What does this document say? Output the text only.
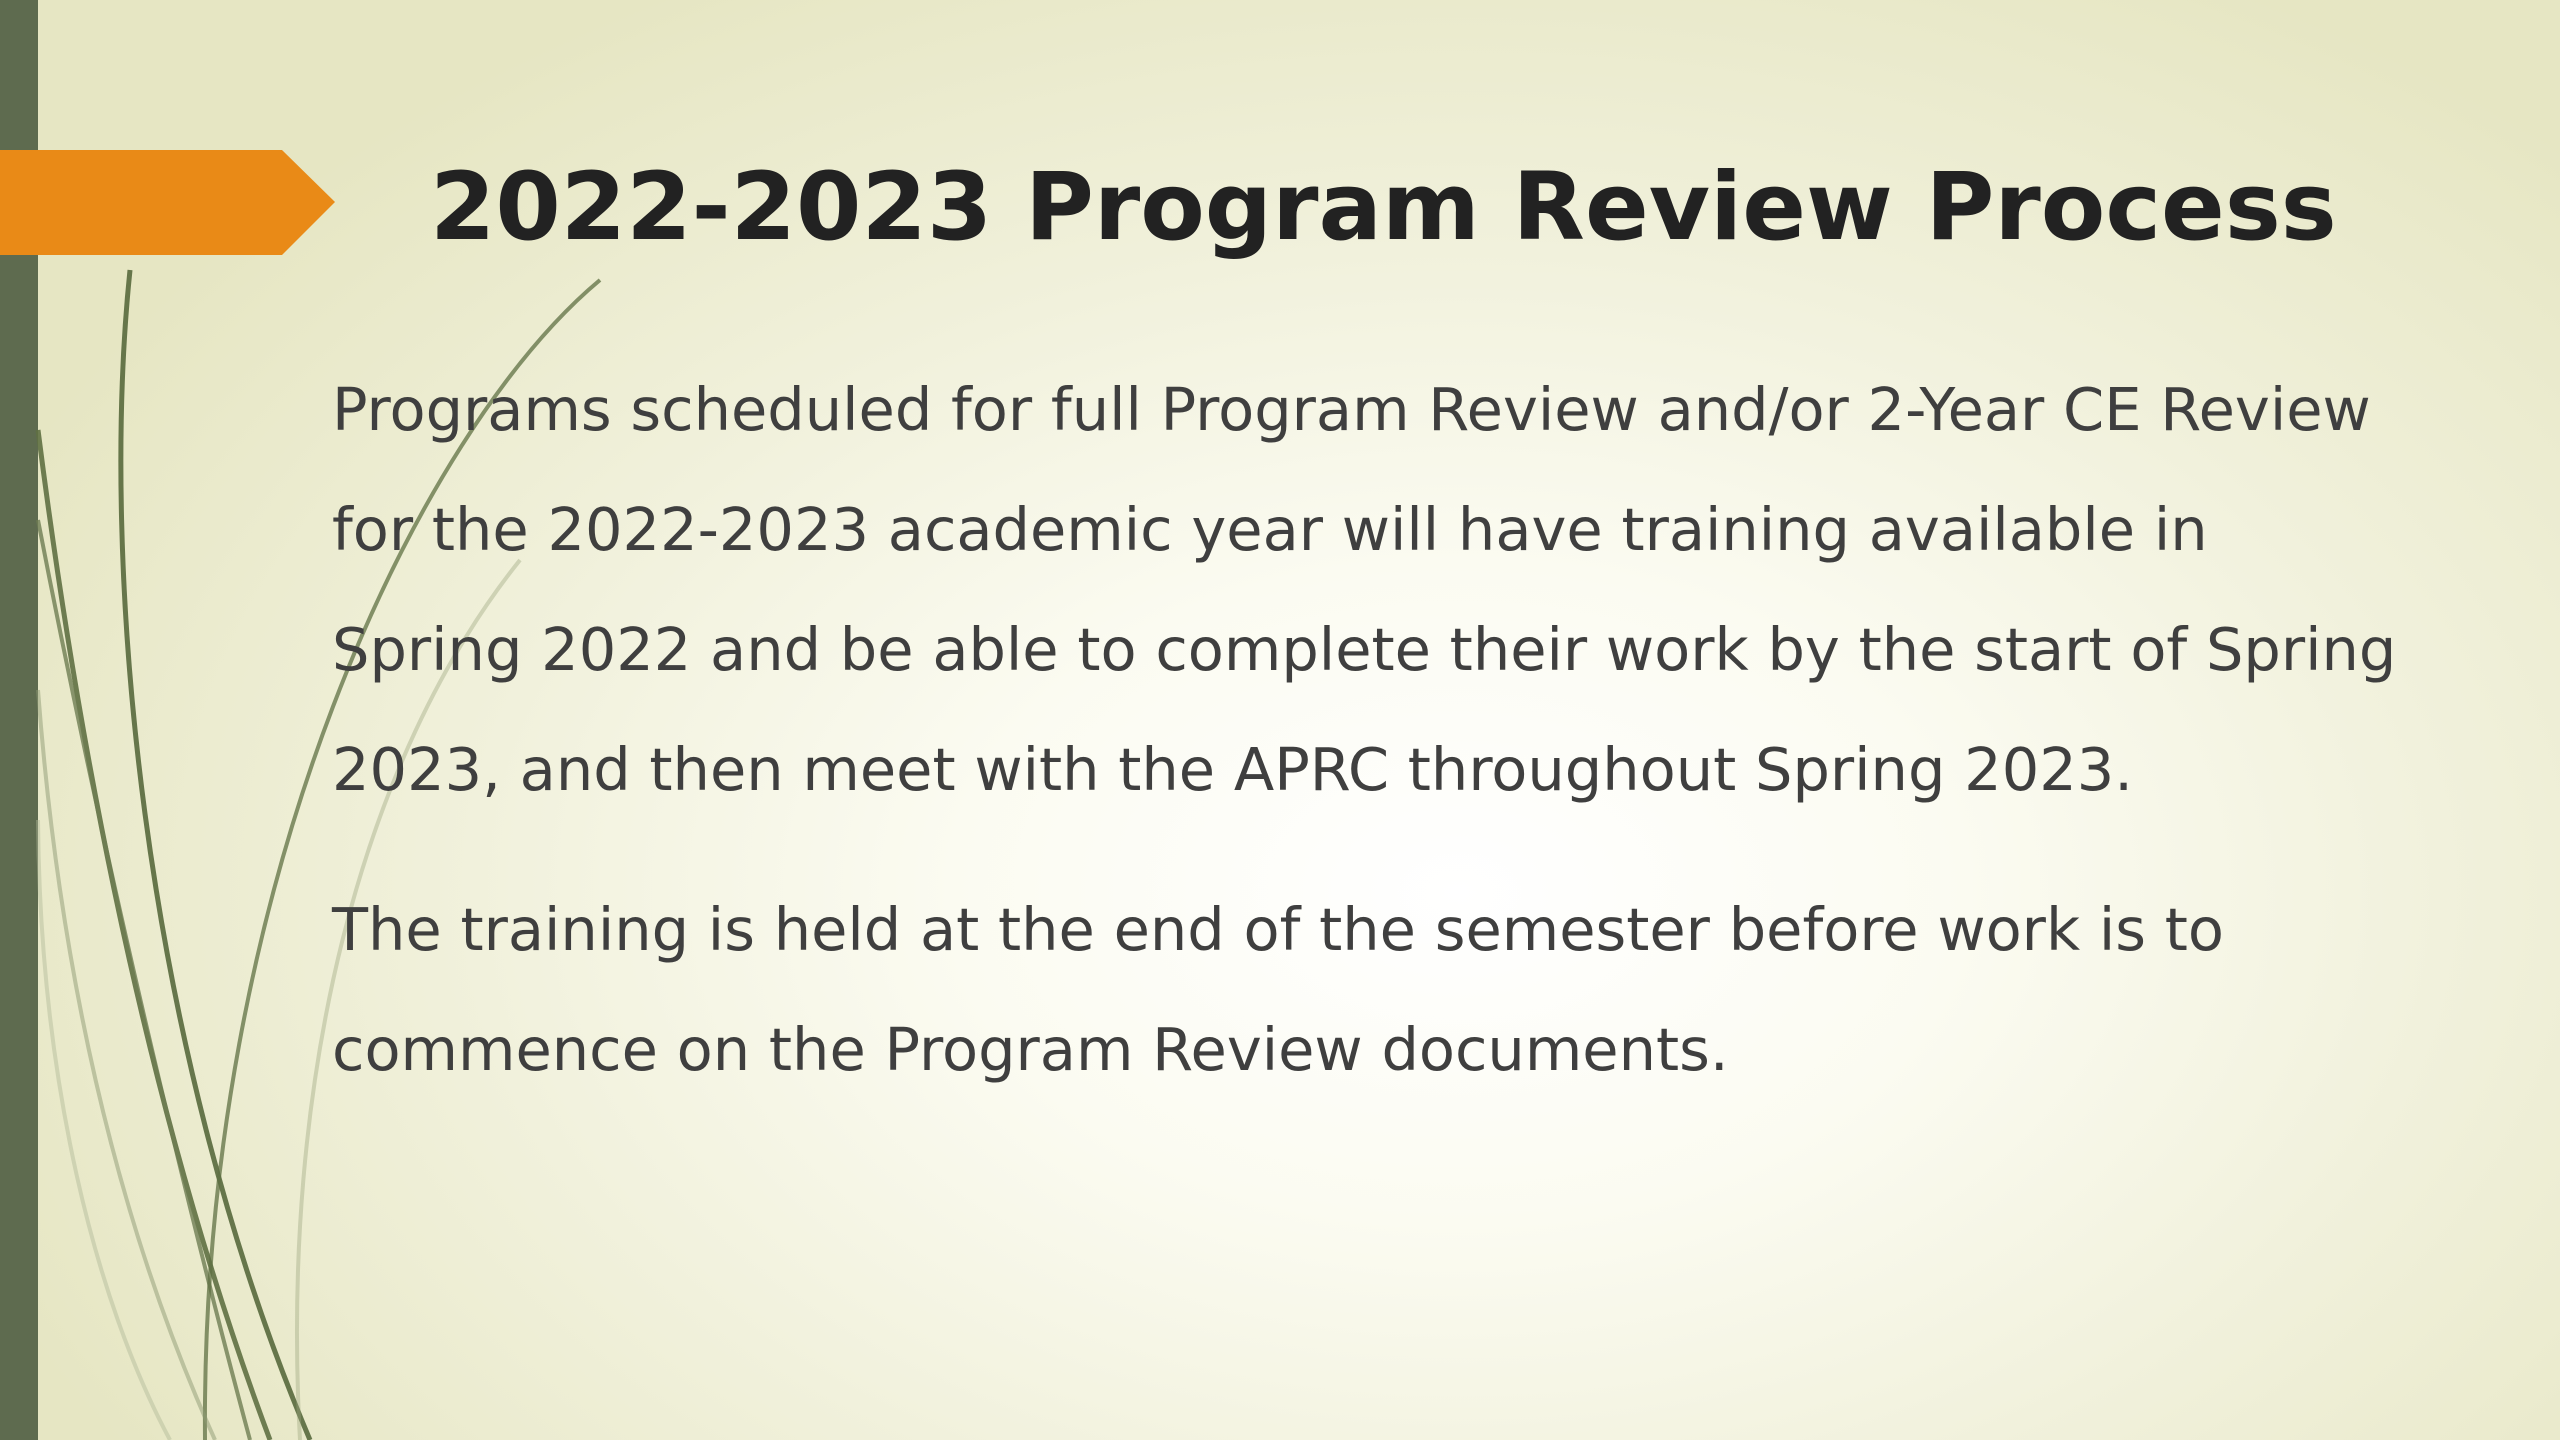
2022-2023 Program Review Process

Programs scheduled for full Program Review and/or 2-Year CE Review for the 2022-2023 academic year will have training available in Spring 2022 and be able to complete their work by the start of Spring 2023, and then meet with the APRC throughout Spring 2023.

The training is held at the end of the semester before work is to commence on the Program Review documents.
